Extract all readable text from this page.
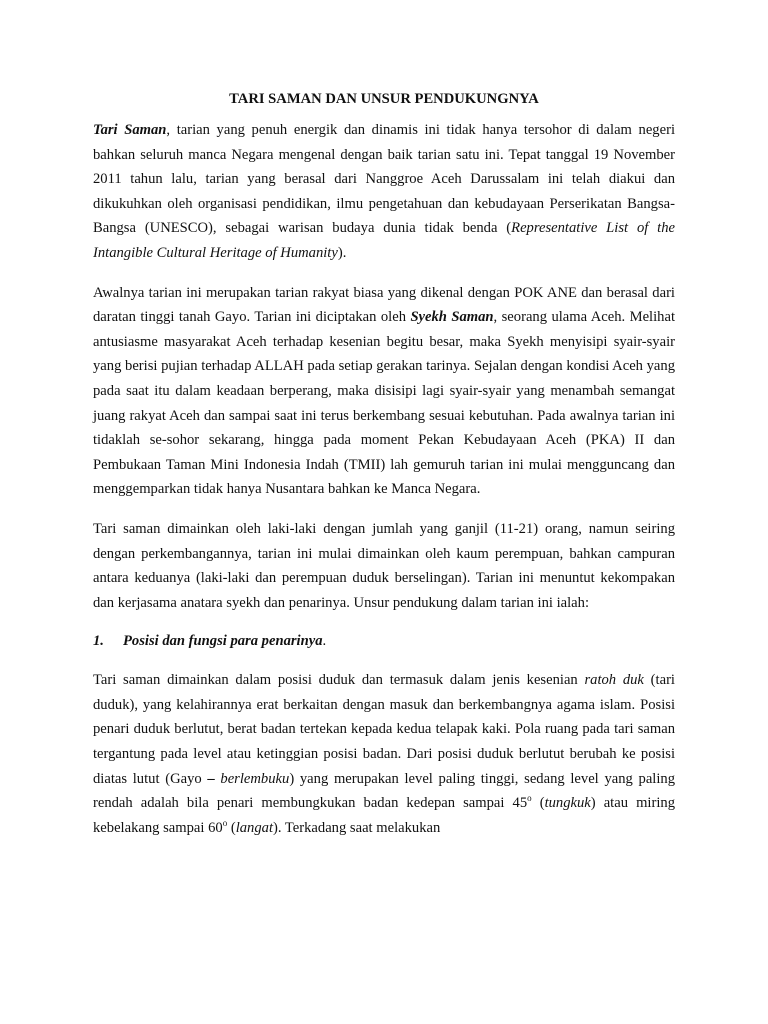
TARI SAMAN DAN UNSUR PENDUKUNGNYA

Tari Saman, tarian yang penuh energik dan dinamis ini tidak hanya tersohor di dalam negeri bahkan seluruh manca Negara mengenal dengan baik tarian satu ini. Tepat tanggal 19 November 2011 tahun lalu, tarian yang berasal dari Nanggroe Aceh Darussalam ini telah diakui dan dikukuhkan oleh organisasi pendidikan, ilmu pengetahuan dan kebudayaan Perserikatan Bangsa-Bangsa (UNESCO), sebagai warisan budaya dunia tidak benda (Representative List of the Intangible Cultural Heritage of Humanity).

Awalnya tarian ini merupakan tarian rakyat biasa yang dikenal dengan POK ANE dan berasal dari daratan tinggi tanah Gayo. Tarian ini diciptakan oleh Syekh Saman, seorang ulama Aceh. Melihat antusiasme masyarakat Aceh terhadap kesenian begitu besar, maka Syekh menyisipi syair-syair yang berisi pujian terhadap ALLAH pada setiap gerakan tarinya. Sejalan dengan kondisi Aceh yang pada saat itu dalam keadaan berperang, maka disisipi lagi syair-syair yang menambah semangat juang rakyat Aceh dan sampai saat ini terus berkembang sesuai kebutuhan. Pada awalnya tarian ini tidaklah se-sohor sekarang, hingga pada moment Pekan Kebudayaan Aceh (PKA) II dan Pembukaan Taman Mini Indonesia Indah (TMII) lah gemuruh tarian ini mulai mengguncang dan menggemparkan tidak hanya Nusantara bahkan ke Manca Negara.

Tari saman dimainkan oleh laki-laki dengan jumlah yang ganjil (11-21) orang, namun seiring dengan perkembangannya, tarian ini mulai dimainkan oleh kaum perempuan, bahkan campuran antara keduanya (laki-laki dan perempuan duduk berselingan). Tarian ini menuntut kekompakan dan kerjasama anatara syekh dan penarinya. Unsur pendukung dalam tarian ini ialah:

1. Posisi dan fungsi para penarinya.

Tari saman dimainkan dalam posisi duduk dan termasuk dalam jenis kesenian ratoh duk (tari duduk), yang kelahirannya erat berkaitan dengan masuk dan berkembangnya agama islam. Posisi penari duduk berlutut, berat badan tertekan kepada kedua telapak kaki. Pola ruang pada tari saman tergantung pada level atau ketinggian posisi badan. Dari posisi duduk berlutut berubah ke posisi diatas lutut (Gayo – berlembuku) yang merupakan level paling tinggi, sedang level yang paling rendah adalah bila penari membungkukan badan kedepan sampai 45$^o$ (tungkuk) atau miring kebelakang sampai 60$^o$ (langat). Terkadang saat melakukan
